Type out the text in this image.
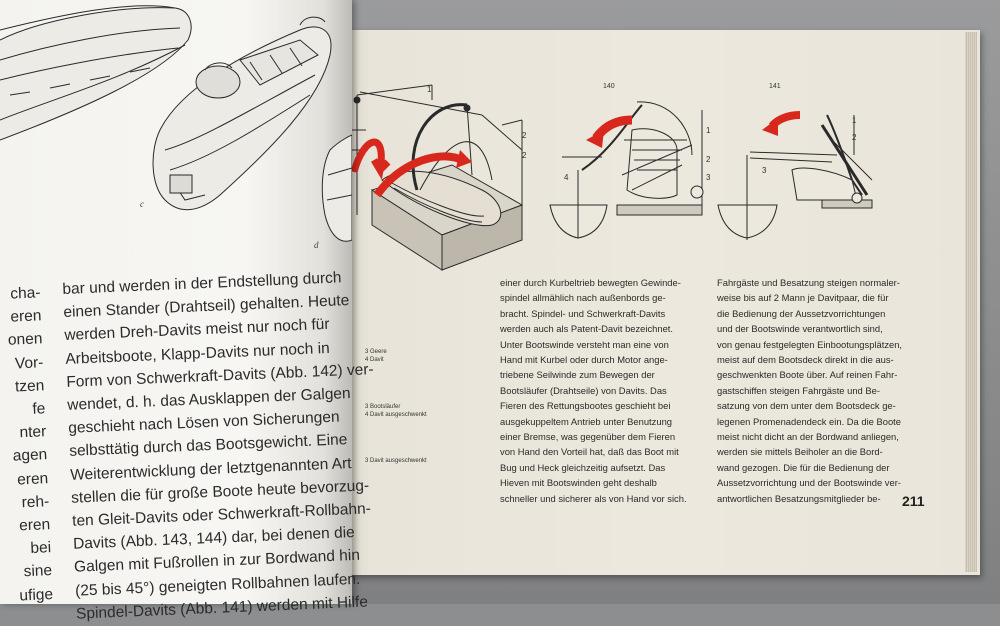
1
2
2
140
1
2
3
4
141
1
2
3
3 Geere
4 Davit
3 Bootsläufer
4 Davit ausgeschwenkt
3 Davit ausgeschwenkt

einer durch Kurbeltrieb bewegten Gewinde-

spindel allmählich nach außenbords ge-

bracht. Spindel- und Schwerkraft-Davits

werden auch als Patent-Davit bezeichnet.

Unter Bootswinde versteht man eine von

Hand mit Kurbel oder durch Motor ange-

triebene Seilwinde zum Bewegen der

Bootsläufer (Drahtseile) von Davits. Das

Fieren des Rettungsbootes geschieht bei

ausgekuppeltem Antrieb unter Benutzung

einer Bremse, was gegenüber dem Fieren

von Hand den Vorteil hat, daß das Boot mit

Bug und Heck gleichzeitig aufsetzt. Das

Hieven mit Bootswinden geht deshalb

schneller und sicherer als von Hand vor sich.

Fahrgäste und Besatzung steigen normaler-

weise bis auf 2 Mann je Davitpaar, die für

die Bedienung der Aussetzvorrichtungen

und der Bootswinde verantwortlich sind,

von genau festgelegten Einbootungsplätzen,

meist auf dem Bootsdeck direkt in die aus-

geschwenkten Boote über. Auf reinen Fahr-

gastschiffen steigen Fahrgäste und Be-

satzung von dem unter dem Bootsdeck ge-

legenen Promenadendeck ein. Da die Boote

meist nicht dicht an der Bordwand anliegen,

werden sie mittels Beiholer an die Bord-

wand gezogen. Die für die Bedienung der

Aussetzvorrichtung und der Bootswinde ver-

antwortlichen Besatzungsmitglieder be-	211
c
d
cha-
eren
onen
Vor-
tzen
fe
nter
agen
eren
reh-
eren
bei
sine
ufige
bar und werden in der Endstellung durch
einen Stander (Drahtseil) gehalten. Heute
werden Dreh-Davits meist nur noch für
Arbeitsboote, Klapp-Davits nur noch in
Form von Schwerkraft-Davits (Abb. 142) ver-
wendet, d. h. das Ausklappen der Galgen
geschieht nach Lösen von Sicherungen
selbsttätig durch das Bootsgewicht. Eine
Weiterentwicklung der letztgenannten Art
stellen die für große Boote heute bevorzug-
ten Gleit-Davits oder Schwerkraft-Rollbahn-
Davits (Abb. 143, 144) dar, bei denen die
Galgen mit Fußrollen in zur Bordwand hin
(25 bis 45°) geneigten Rollbahnen laufen.
Spindel-Davits (Abb. 141) werden mit Hilfe
